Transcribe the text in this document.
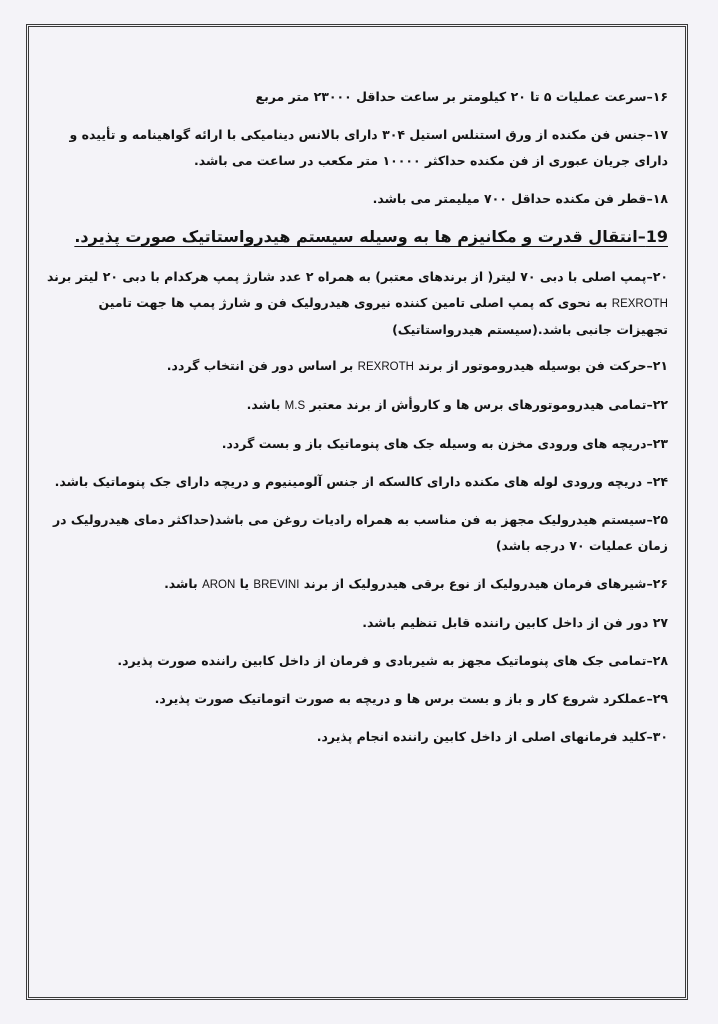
۱۶–سرعت عملیات ۵ تا ۲۰ کیلومتر بر ساعت حداقل ۲۳۰۰۰ متر مربع

۱۷–جنس فن مکنده از ورق استنلس استیل ۳۰۴ دارای بالانس دینامیکی با ارائه گواهینامه و تأییده و دارای جریان عبوری از فن مکنده حداکثر ۱۰۰۰۰ متر مکعب در ساعت می باشد.

۱۸–قطر فن مکنده حداقل ۷۰۰ میلیمتر می باشد.

19–انتقال قدرت و مکانیزم ها به وسیله سیستم هیدرواستاتیک صورت پذیرد.

۲۰–پمپ اصلی با دبی ۷۰ لیتر( از برندهای معتبر) به همراه ۲ عدد شارژ پمپ هرکدام با دبی ۲۰ لیتر برند REXROTH به نحوی که پمپ اصلی تامین کننده نیروی هیدرولیک فن و شارژ پمپ ها جهت تامین تجهیزات جانبی باشد.(سیستم هیدرواستاتیک)

۲۱–حرکت فن بوسیله هیدروموتور از برند REXROTH بر اساس دور فن انتخاب گردد.

۲۲–تمامی هیدروموتورهای برس ها و کاروأش از برند معتبر M.S باشد.

۲۳–دریچه های ورودی مخزن به وسیله جک های پنوماتیک باز و بست گردد.

۲۴– دریچه ورودی لوله های مکنده دارای کالسکه از جنس آلومینیوم و دریچه دارای جک پنوماتیک باشد.

۲۵–سیستم هیدرولیک مجهز به فن مناسب به همراه رادیات روغن می باشد(حداکثر دمای هیدرولیک در زمان عملیات ۷۰ درجه باشد)

۲۶–شیرهای فرمان هیدرولیک از نوع برقی هیدرولیک از برند BREVINI یا ARON باشد.

۲۷ دور فن از داخل کابین راننده قابل تنظیم باشد.

۲۸–تمامی جک های پنوماتیک مجهز به شیربادی و فرمان از داخل کابین راننده صورت پذیرد.

۲۹–عملکرد شروع کار و باز و بست برس ها و دریچه به صورت اتوماتیک صورت پذیرد.

۳۰–کلید فرمانهای اصلی از داخل کابین راننده انجام پذیرد.
